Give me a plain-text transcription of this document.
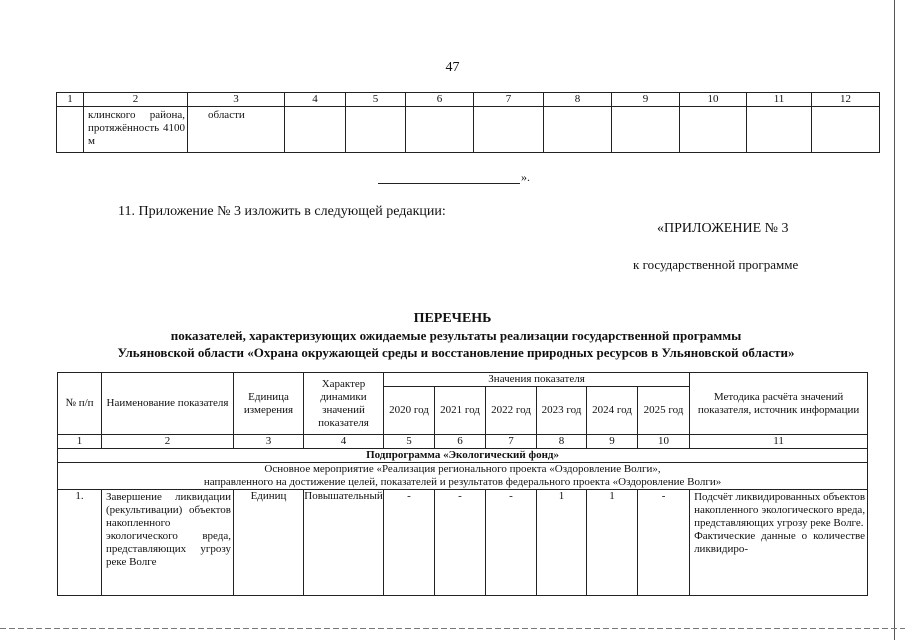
47
1	2	3	4	5	6	7	8	9	10	11	12
	клинского района, протяжённость 4100 м	области									
».
11. Приложение № 3 изложить в следующей редакции:
«ПРИЛОЖЕНИЕ № 3
к государственной программе
ПЕРЕЧЕНЬ
показателей, характеризующих ожидаемые результаты реализации государственной программы
Ульяновской области «Охрана окружающей среды и восстановление природных ресурсов в Ульяновской области»
№ п/п	Наименование показателя	Единица измерения	Характер динамики значений показателя	Значения показателя						Методика расчёта значений показателя, источник информации
				2020 год	2021 год	2022 год	2023 год	2024 год	2025 год	
1	2	3	4	5	6	7	8	9	10	11
Подпрограмма «Экологический фонд»										

Основное мероприятие «Реализация регионального проекта «Оздоровление Волги»,
направленного на достижение целей, показателей и результатов федерального проекта «Оздоровление Волги»										

1.	Завершение ликвидации (рекультивации) объектов накопленного экологического вреда, представляющих угрозу реке Волге	Единиц	Повышательный	-	-	-	1	1	-	Подсчёт ликвидированных объектов накопленного экологического вреда, представляющих угрозу реке Волге.
Фактические данные о количестве ликвидиро-
